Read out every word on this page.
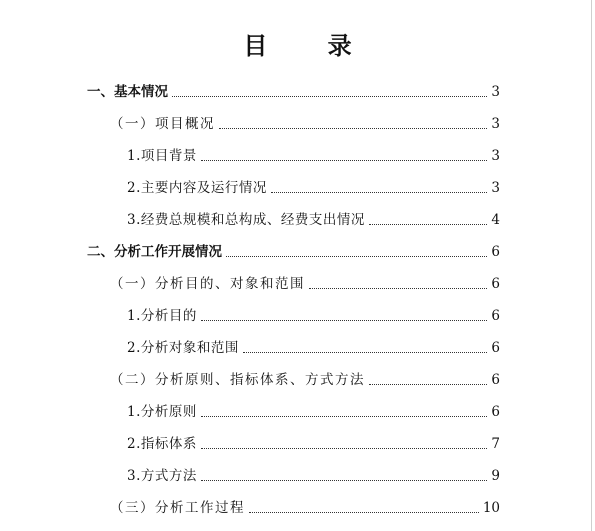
目 录
一、基本情况	3
（一）项目概况	3
1.项目背景	3
2.主要内容及运行情况	3
3.经费总规模和总构成、经费支出情况	4
二、分析工作开展情况	6
（一）分析目的、对象和范围	6
1.分析目的	6
2.分析对象和范围	6
（二）分析原则、指标体系、方式方法	6
1.分析原则	6
2.指标体系	7
3.方式方法	9
（三）分析工作过程	10
